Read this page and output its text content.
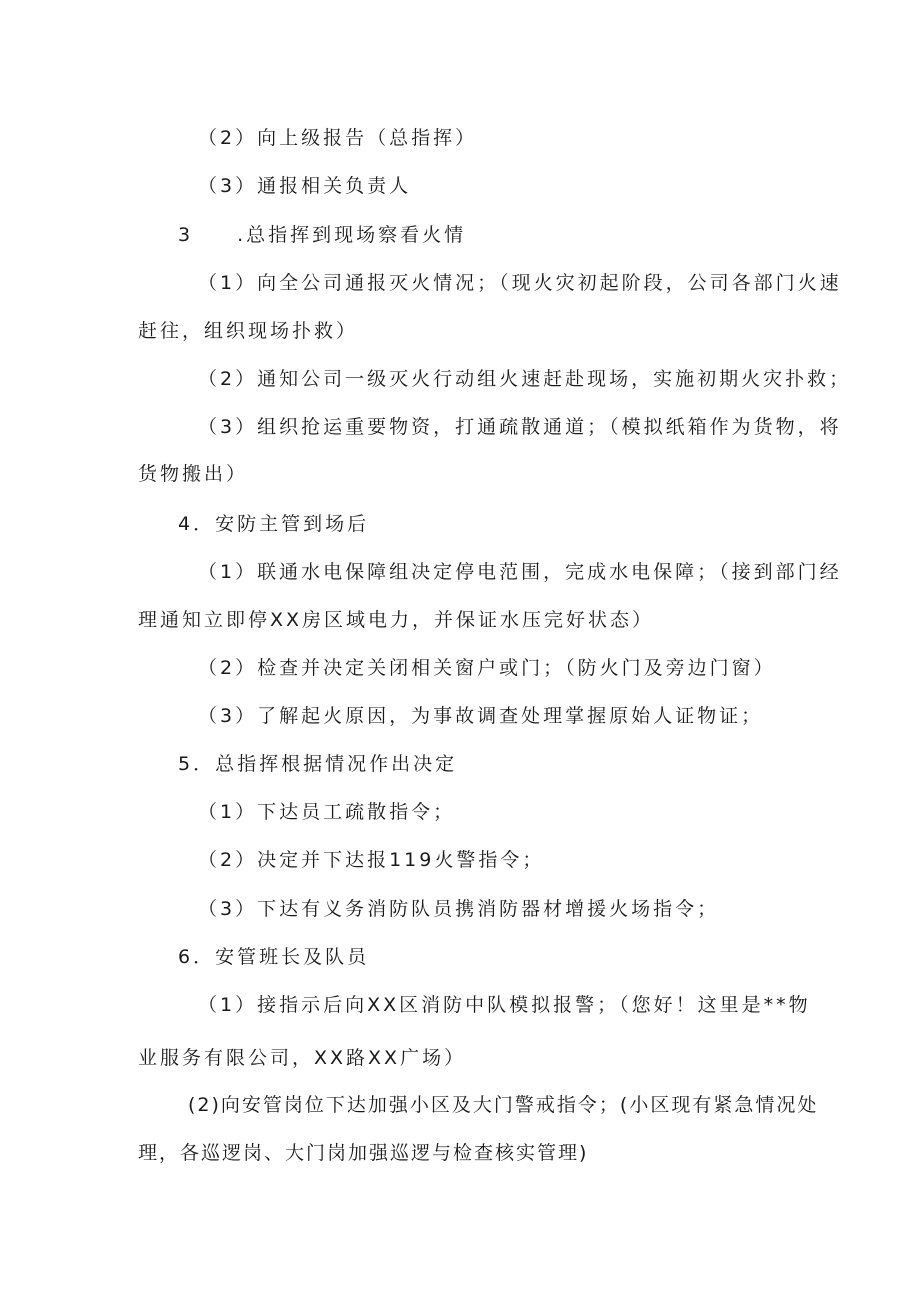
（2）向上级报告（总指挥）
（3）通报相关负责人
3　　.总指挥到现场察看火情
（1）向全公司通报灭火情况；（现火灾初起阶段，公司各部门火速
赶往，组织现场扑救）
（2）通知公司一级灭火行动组火速赶赴现场，实施初期火灾扑救；
（3）组织抢运重要物资，打通疏散通道；（模拟纸箱作为货物，将
货物搬出）
4．安防主管到场后
（1）联通水电保障组决定停电范围，完成水电保障；（接到部门经
理通知立即停XX房区域电力，并保证水压完好状态）
（2）检查并决定关闭相关窗户或门；（防火门及旁边门窗）
（3）了解起火原因，为事故调查处理掌握原始人证物证；
5．总指挥根据情况作出决定
（1）下达员工疏散指令；
（2）决定并下达报119火警指令；
（3）下达有义务消防队员携消防器材增援火场指令；
6．安管班长及队员
（1）接指示后向XX区消防中队模拟报警；（您好！这里是**物
业服务有限公司，XX路XX广场）
(2)向安管岗位下达加强小区及大门警戒指令；(小区现有紧急情况处
理，各巡逻岗、大门岗加强巡逻与检查核实管理)
